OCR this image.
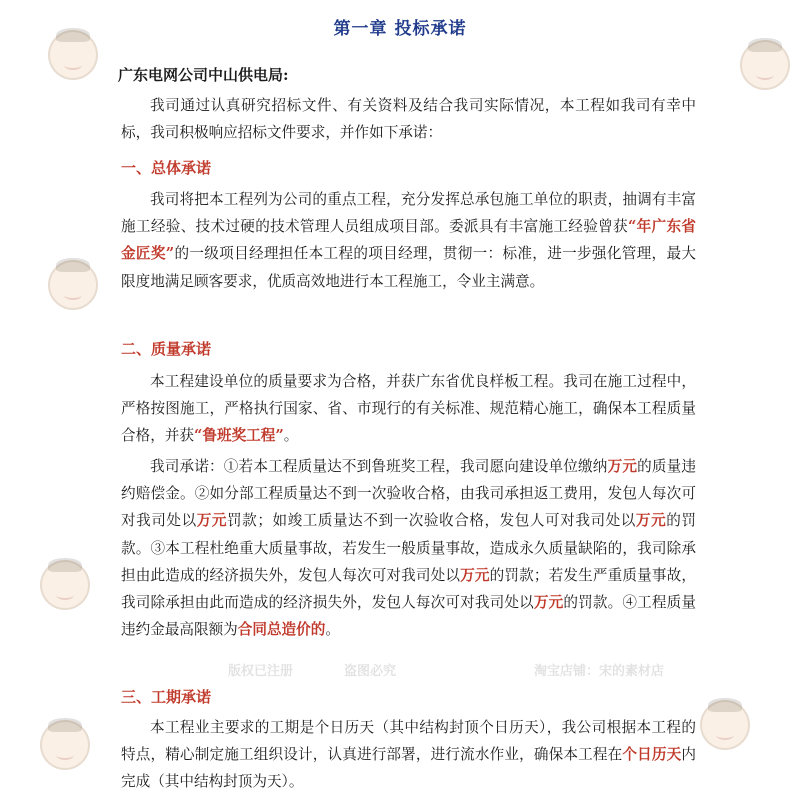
第一章 投标承诺
广东电网公司中山供电局:

我司通过认真研究招标文件、有关资料及结合我司实际情况，本工程如我司有幸中标，我司积极响应招标文件要求，并作如下承诺：

一、总体承诺

我司将把本工程列为公司的重点工程，充分发挥总承包施工单位的职责，抽调有丰富施工经验、技术过硬的技术管理人员组成项目部。委派具有丰富施工经验曾获“年广东省金匠奖”的一级项目经理担任本工程的项目经理，贯彻一：标准，进一步强化管理，最大限度地满足顾客要求，优质高效地进行本工程施工，令业主满意。

二、质量承诺

本工程建设单位的质量要求为合格，并获广东省优良样板工程。我司在施工过程中，严格按图施工，严格执行国家、省、市现行的有关标准、规范精心施工，确保本工程质量合格，并获“鲁班奖工程”。

我司承诺：①若本工程质量达不到鲁班奖工程，我司愿向建设单位缴纳万元的质量违约赔偿金。②如分部工程质量达不到一次验收合格，由我司承担返工费用，发包人每次可对我司处以万元罚款；如竣工质量达不到一次验收合格，发包人可对我司处以万元的罚款。③本工程杜绝重大质量事故，若发生一般质量事故，造成永久质量缺陷的，我司除承担由此造成的经济损失外，发包人每次可对我司处以万元的罚款；若发生严重质量事故，我司除承担由此而造成的经济损失外，发包人每次可对我司处以万元的罚款。④工程质量违约金最高限额为合同总造价的。

版权已注册	盗图必究	淘宝店铺：宋的素材店
三、工期承诺

本工程业主要求的工期是个日历天（其中结构封顶个日历天），我公司根据本工程的特点，精心制定施工组织设计，认真进行部署，进行流水作业，确保本工程在个日历天内完成（其中结构封顶为天）。
